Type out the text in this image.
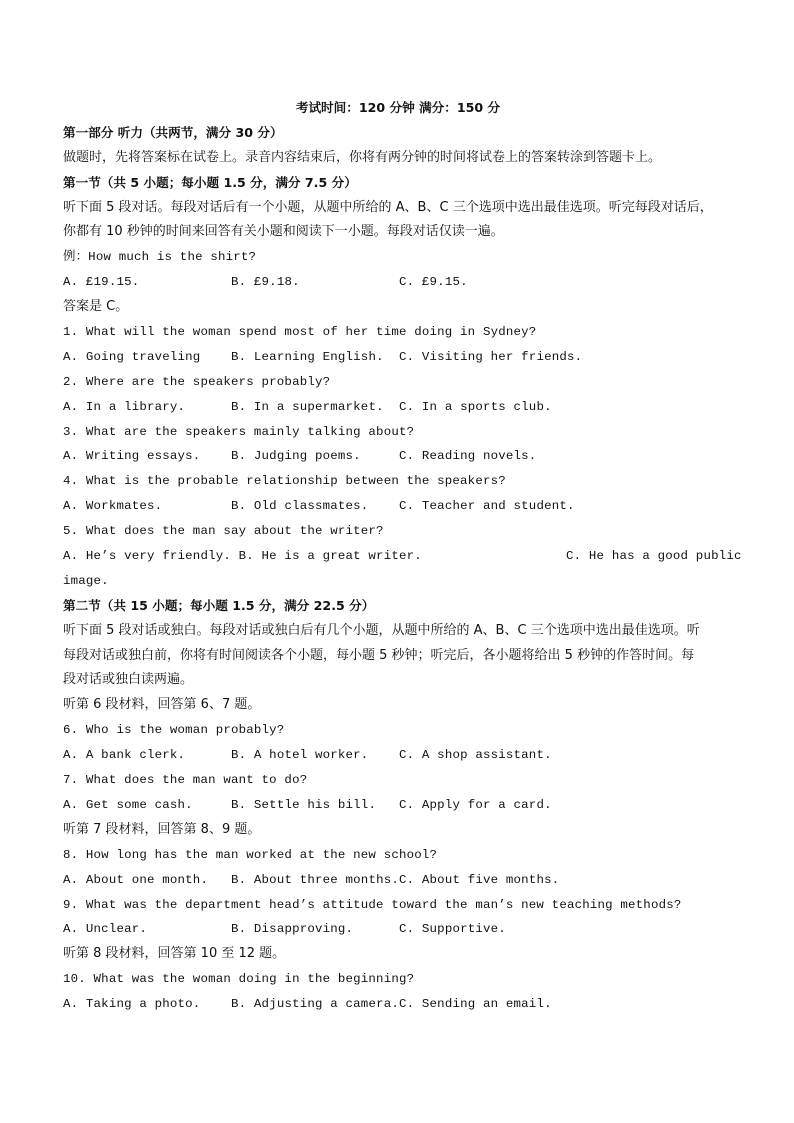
考试时间：120 分钟 满分：150 分
第一部分 听力（共两节，满分 30 分）
做题时，先将答案标在试卷上。录音内容结束后，你将有两分钟的时间将试卷上的答案转涂到答题卡上。
第一节（共 5 小题；每小题 1.5 分，满分 7.5 分）
听下面 5 段对话。每段对话后有一个小题，从题中所给的 A、B、C 三个选项中选出最佳选项。听完每段对话后，
你都有 10 秒钟的时间来回答有关小题和阅读下一小题。每段对话仅读一遍。
例：How much is the shirt?
A. £19.15.	B. £9.18.	C. £9.15.
答案是 C。
1. What will the woman spend most of her time doing in Sydney?
A. Going traveling B. Learning English. C. Visiting her friends.
2. Where are the speakers probably?
A. In a library.	B. In a supermarket. C. In a sports club.
3. What are the speakers mainly talking about?
A. Writing essays. B. Judging poems.	C. Reading novels.
4. What is the probable relationship between the speakers?
A. Workmates.	B. Old classmates. C. Teacher and student.
5. What does the man say about the writer?
A. He’s very friendly. B. He is a great writer.	C. He has a good public
image.
第二节（共 15 小题；每小题 1.5 分，满分 22.5 分）
听下面 5 段对话或独白。每段对话或独白后有几个小题，从题中所给的 A、B、C 三个选项中选出最佳选项。听
每段对话或独白前，你将有时间阅读各个小题，每小题 5 秒钟；听完后，各小题将给出 5 秒钟的作答时间。每
段对话或独白读两遍。
听第 6 段材料，回答第 6、7 题。
6. Who is the woman probably?
A. A bank clerk.	B. A hotel worker. C. A shop assistant.
7. What does the man want to do?
A. Get some cash.	B. Settle his bill. C. Apply for a card.
听第 7 段材料，回答第 8、9 题。
8. How long has the man worked at the new school?
A. About one month. B. About three months. C. About five months.
9. What was the department head’s attitude toward the man’s new teaching methods?
A. Unclear.	B. Disapproving.	C. Supportive.
听第 8 段材料，回答第 10 至 12 题。
10. What was the woman doing in the beginning?
A. Taking a photo. B. Adjusting a camera. C. Sending an email.
